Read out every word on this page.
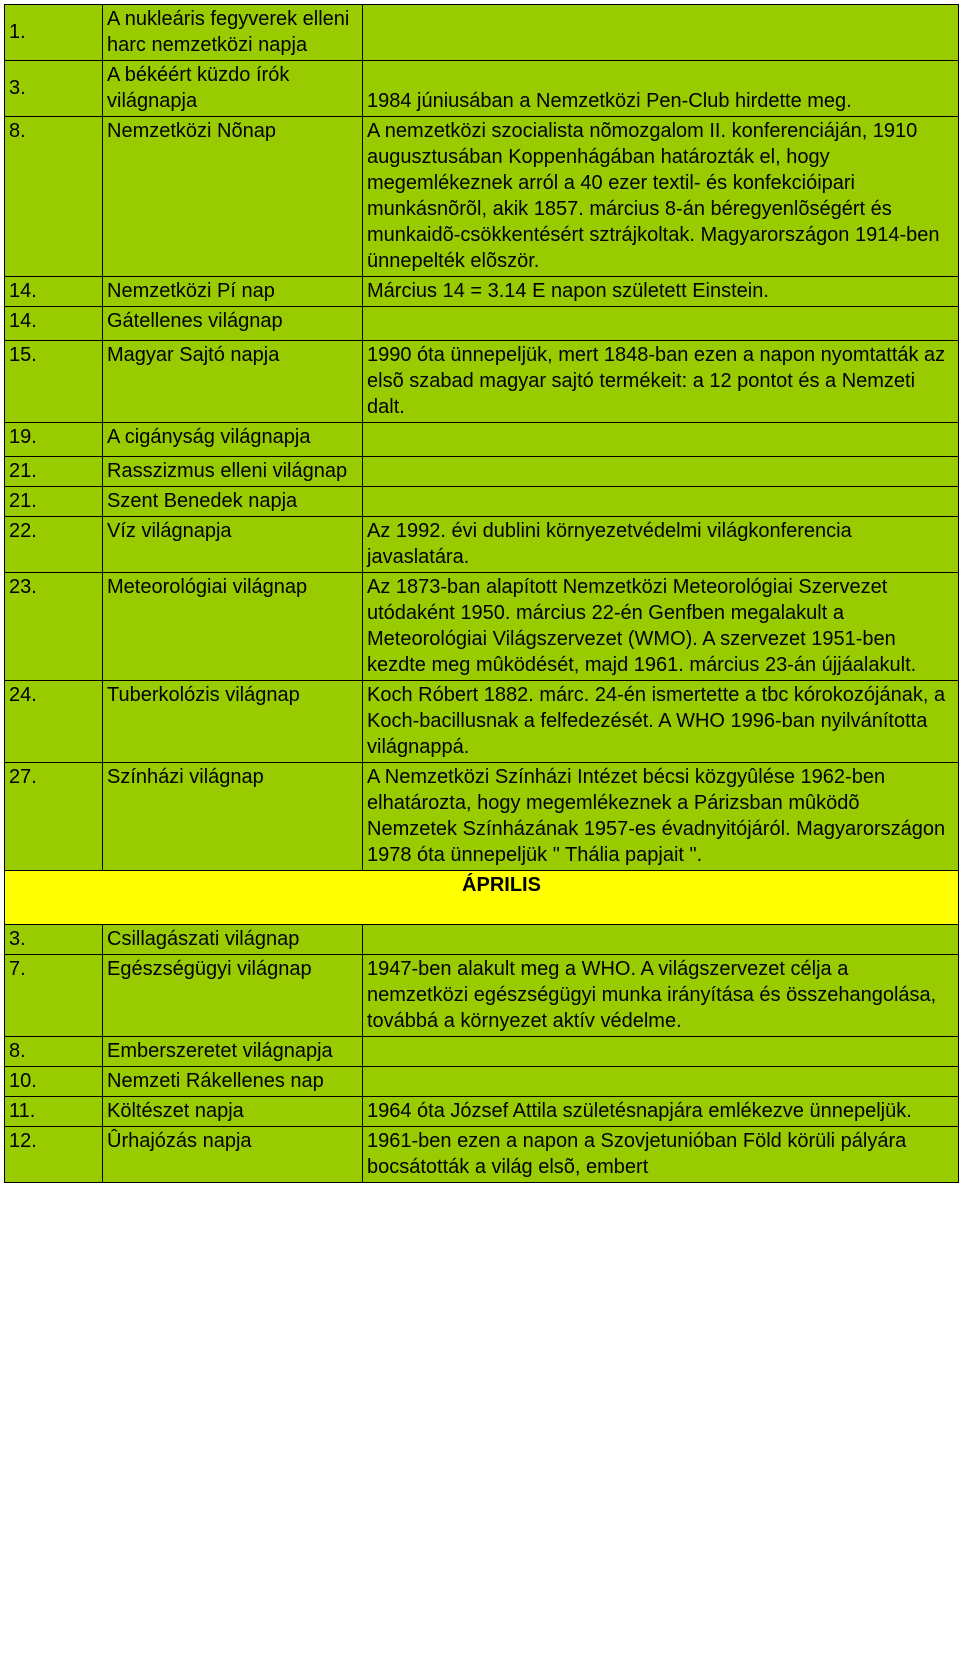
1.	A nukleáris fegyverek elleni harc nemzetközi napja	
3.	A békéért küzdo írók világnapja	1984 júniusában a Nemzetközi Pen-Club hirdette meg.
8.	Nemzetközi Nõnap	A nemzetközi szocialista nõmozgalom II. konferenciáján, 1910 augusztusában Koppenhágában határozták el, hogy megemlékeznek arról a 40 ezer textil- és konfekcióipari munkásnõrõl, akik 1857. március 8-án béregyenlõségért és munkaidõ-csökkentésért sztrájkoltak. Magyarországon 1914-ben ünnepelték elõször.
14.	Nemzetközi Pí nap	Március 14 = 3.14 E napon született Einstein.
14.	Gátellenes világnap	
15.	Magyar Sajtó napja	1990 óta ünnepeljük, mert 1848-ban ezen a napon nyomtatták az elsõ szabad magyar sajtó termékeit: a 12 pontot és a Nemzeti dalt.
19.	A cigányság világnapja	
21.	Rasszizmus elleni világnap	
21.	Szent Benedek napja	
22.	Víz világnapja	Az 1992. évi dublini környezetvédelmi világkonferencia javaslatára.
23.	Meteorológiai világnap	Az 1873-ban alapított Nemzetközi Meteorológiai Szervezet utódaként 1950. március 22-én Genfben megalakult a Meteorológiai Világszervezet (WMO). A szervezet 1951-ben kezdte meg mûködését, majd 1961. március 23-án újjáalakult.
24.	Tuberkolózis világnap	Koch Róbert 1882. márc. 24-én ismertette a tbc kórokozójának, a Koch-bacillusnak a felfedezését. A WHO 1996-ban nyilvánította világnappá.
27.	Színházi világnap	A Nemzetközi Színházi Intézet bécsi közgyûlése 1962-ben elhatározta, hogy megemlékeznek a Párizsban mûködõ Nemzetek Színházának 1957-es évadnyitójáról. Magyarországon 1978 óta ünnepeljük " Thália papjait ".
ÁPRILIS		
3.	Csillagászati világnap	
7.	Egészségügyi világnap	1947-ben alakult meg a WHO. A világszervezet célja a nemzetközi egészségügyi munka irányítása és összehangolása, továbbá a környezet aktív védelme.
8.	Emberszeretet világnapja	
10.	Nemzeti Rákellenes nap	
11.	Költészet napja	1964 óta József Attila születésnapjára emlékezve ünnepeljük.
12.	Ûrhajózás napja	1961-ben ezen a napon a Szovjetunióban Föld körüli pályára bocsátották a világ elsõ, embert
